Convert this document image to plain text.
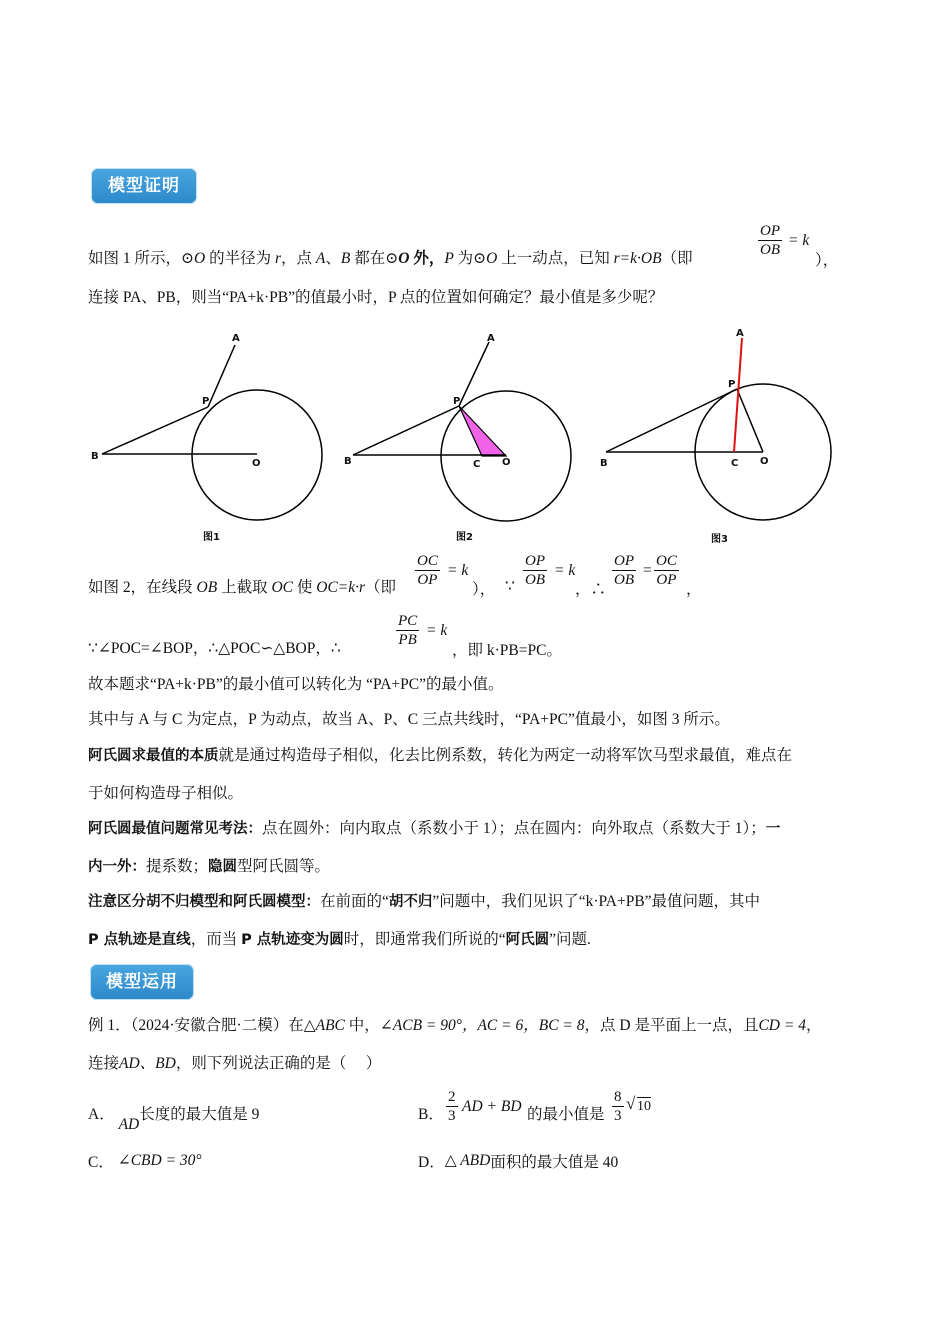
模型证明
如图 1 所示，⊙O 的半径为 r，点 A、B 都在⊙O 外，P 为⊙O 上一动点，已知 r=k·OB（即	$\frac{OP}{OB} = k$
），
连接 PA、PB，则当“PA+k·PB”的值最小时，P 点的位置如何确定？最小值是多少呢？
A
P
B
O
图1
A
P
B	C O
图2
A
P
B	C O
图3
如图 2，在线段 OB 上截取 OC 使 OC=k·r（即 $\frac{OC}{OP} = k$
）， ∵ $\frac{OP}{OB} = k$
，∴
$\frac{OP}{OB} = \frac{OC}{OP}$
，
∵∠POC=∠BOP，∴△POC∽△BOP，∴	$\frac{PC}{PB} = k$
，即 k·PB=PC。
故本题求“PA+k·PB”的最小值可以转化为 “PA+PC”的最小值。
其中与 A 与 C 为定点，P 为动点，故当 A、P、C 三点共线时，“PA+PC”值最小，如图 3 所示。
阿氏圆求最值的本质就是通过构造母子相似，化去比例系数，转化为两定一动将军饮马型求最值，难点在
于如何构造母子相似。
阿氏圆最值问题常见考法：点在圆外：向内取点（系数小于 1）；点在圆内：向外取点（系数大于 1）；一
内一外：提系数；隐圆型阿氏圆等。
注意区分胡不归模型和阿氏圆模型：在前面的“胡不归”问题中，我们见识了“k·PA+PB”最值问题，其中
P 点轨迹是直线，而当 P 点轨迹变为圆时，即通常我们所说的“阿氏圆”问题.
模型运用
例 1．（2024·安徽合肥·二模）在△ABC 中，∠ACB = 90°，AC = 6，BC = 8，点 D 是平面上一点，且CD = 4，
连接AD、BD，则下列说法正确的是（　 ）
A． AD长度的最大值是 9	B． $\frac{2}{3}$ AD + BD 的最小值是 $\frac{8}{3}$ √ 10
C． ∠CBD = 30°	D．△ ABD面积的最大值是 40
